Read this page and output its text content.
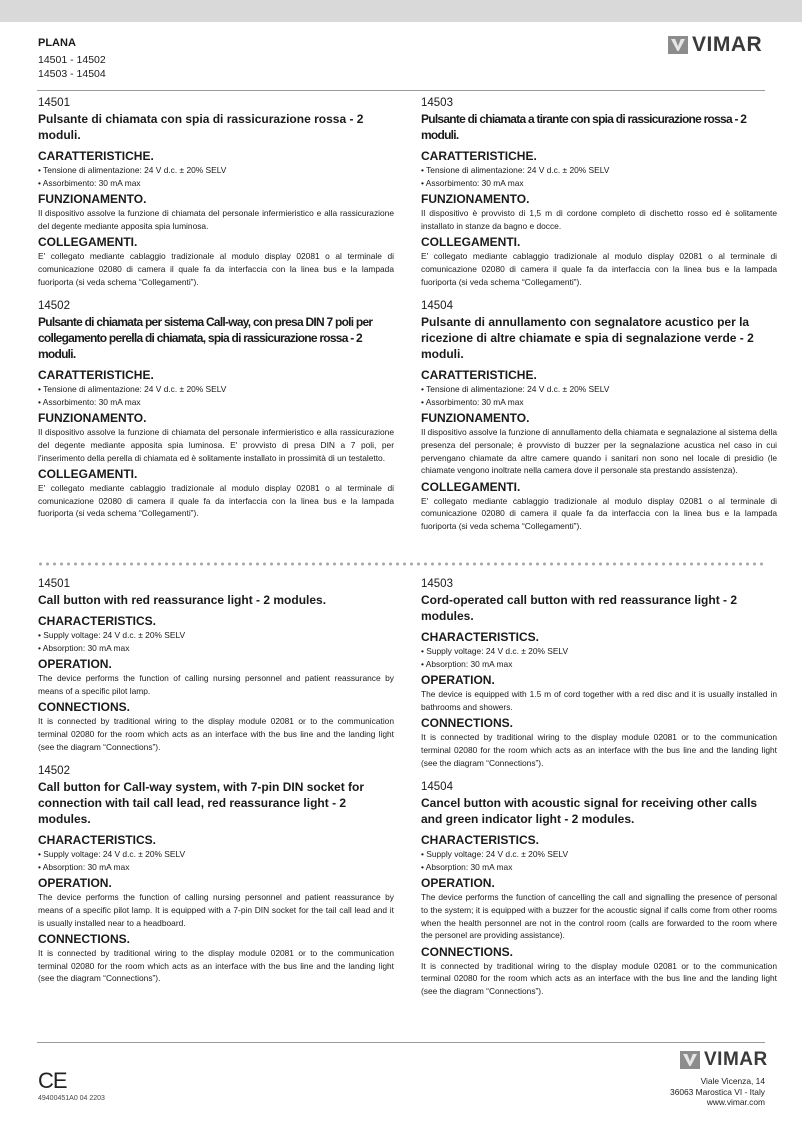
PLANA
14501 - 14502
14503 - 14504
VIMAR
14501
Pulsante di chiamata con spia di rassicurazione rossa - 2 moduli.
CARATTERISTICHE.
• Tensione di alimentazione: 24 V d.c. ± 20% SELV
• Assorbimento: 30 mA max
FUNZIONAMENTO.
Il dispositivo assolve la funzione di chiamata del personale infermieristico e alla rassicurazione del degente mediante apposita spia luminosa.
COLLEGAMENTI.
E' collegato mediante cablaggio tradizionale al modulo display 02081 o al terminale di comunicazione 02080 di camera il quale fa da interfaccia con la linea bus e la lampada fuoriporta (si veda schema “Collegamenti”).
14502
Pulsante di chiamata per sistema Call-way, con presa DIN 7 poli per collegamento perella di chiamata, spia di rassicurazione rossa - 2 moduli.
CARATTERISTICHE.
• Tensione di alimentazione: 24 V d.c. ± 20% SELV
• Assorbimento: 30 mA max
FUNZIONAMENTO.
Il dispositivo assolve la funzione di chiamata del personale infermieristico e alla rassicurazione del degente mediante apposita spia luminosa. E' provvisto di presa DIN a 7 poli, per l'inserimento della perella di chiamata ed è solitamente installato in prossimità di un testaletto.
COLLEGAMENTI.
E' collegato mediante cablaggio tradizionale al modulo display 02081 o al terminale di comunicazione 02080 di camera il quale fa da interfaccia con la linea bus e la lampada fuoriporta (si veda schema “Collegamenti”).
14503
Pulsante di chiamata a tirante con spia di rassicurazione rossa - 2 moduli.
CARATTERISTICHE.
• Tensione di alimentazione: 24 V d.c. ± 20% SELV
• Assorbimento: 30 mA max
FUNZIONAMENTO.
Il dispositivo è provvisto di 1,5 m di cordone completo di dischetto rosso ed è solitamente installato in stanze da bagno e docce.
COLLEGAMENTI.
E' collegato mediante cablaggio tradizionale al modulo display 02081 o al terminale di comunicazione 02080 di camera il quale fa da interfaccia con la linea bus e la lampada fuoriporta (si veda schema “Collegamenti”).
14504
Pulsante di annullamento con segnalatore acustico per la ricezione di altre chiamate e spia di segnalazione verde - 2 moduli.
CARATTERISTICHE.
• Tensione di alimentazione: 24 V d.c. ± 20% SELV
• Assorbimento: 30 mA max
FUNZIONAMENTO.
Il dispositivo assolve la funzione di annullamento della chiamata e segnalazione al sistema della presenza del personale; è provvisto di buzzer per la segnalazione acustica nel caso in cui pervengano chiamate da altre camere quando i sanitari non sono nel locale di presidio (le chiamate vengono inoltrate nella camera dove il personale sta prestando assistenza).
COLLEGAMENTI.
E' collegato mediante cablaggio tradizionale al modulo display 02081 o al terminale di comunicazione 02080 di camera il quale fa da interfaccia con la linea bus e la lampada fuoriporta (si veda schema “Collegamenti”).
14501
Call button with red reassurance light - 2 modules.
CHARACTERISTICS.
• Supply voltage: 24 V d.c. ± 20% SELV
• Absorption: 30 mA max
OPERATION.
The device performs the function of calling nursing personnel and patient reassurance by means of a specific pilot lamp.
CONNECTIONS.
It is connected by traditional wiring to the display module 02081 or to the communication terminal 02080 for the room which acts as an interface with the bus line and the landing light (see the diagram “Connections”).
14502
Call button for Call-way system, with 7-pin DIN socket for connection with tail call lead, red reassurance light - 2 modules.
CHARACTERISTICS.
• Supply voltage: 24 V d.c. ± 20% SELV
• Absorption: 30 mA max
OPERATION.
The device performs the function of calling nursing personnel and patient reassurance by means of a specific pilot lamp. It is equipped with a 7-pin DIN socket for the tail call lead and it is usually installed near to a headboard.
CONNECTIONS.
It is connected by traditional wiring to the display module 02081 or to the communication terminal 02080 for the room which acts as an interface with the bus line and the landing light (see the diagram “Connections”).
14503
Cord-operated call button with red reassurance light - 2 modules.
CHARACTERISTICS.
• Supply voltage: 24 V d.c. ± 20% SELV
• Absorption: 30 mA max
OPERATION.
The device is equipped with 1.5 m of cord together with a red disc and it is usually installed in bathrooms and showers.
CONNECTIONS.
It is connected by traditional wiring to the display module 02081 or to the communication terminal 02080 for the room which acts as an interface with the bus line and the landing light (see the diagram “Connections”).
14504
Cancel button with acoustic signal for receiving other calls and green indicator light - 2 modules.
CHARACTERISTICS.
• Supply voltage: 24 V d.c. ± 20% SELV
• Absorption: 30 mA max
OPERATION.
The device performs the function of cancelling the call and signalling the presence of personal to the system; it is equipped with a buzzer for the acoustic signal if calls come from other rooms when the health personnel are not in the control room (calls are forwarded to the room where the personel are providing assistance).
CONNECTIONS.
It is connected by traditional wiring to the display module 02081 or to the communication terminal 02080 for the room which acts as an interface with the bus line and the landing light (see the diagram “Connections”).
CE
49400451A0 04 2203
VIMAR
Viale Vicenza, 14
36063 Marostica VI - Italy
www.vimar.com
